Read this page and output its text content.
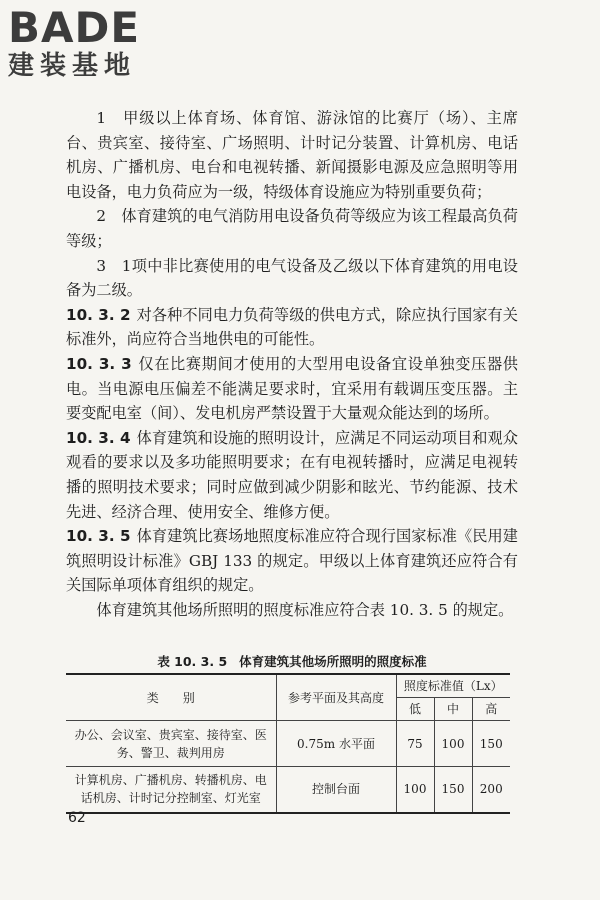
BADE
建装基地

1　甲级以上体育场、体育馆、游泳馆的比赛厅（场）、主席台、贵宾室、接待室、广场照明、计时记分装置、计算机房、电话机房、广播机房、电台和电视转播、新闻摄影电源及应急照明等用电设备，电力负荷应为一级，特级体育设施应为特别重要负荷；

2　体育建筑的电气消防用电设备负荷等级应为该工程最高负荷等级；

3　1项中非比赛使用的电气设备及乙级以下体育建筑的用电设备为二级。

10. 3. 2 对各种不同电力负荷等级的供电方式，除应执行国家有关标准外，尚应符合当地供电的可能性。

10. 3. 3 仅在比赛期间才使用的大型用电设备宜设单独变压器供电。当电源电压偏差不能满足要求时，宜采用有载调压变压器。主要变配电室（间）、发电机房严禁设置于大量观众能达到的场所。

10. 3. 4 体育建筑和设施的照明设计，应满足不同运动项目和观众观看的要求以及多功能照明要求；在有电视转播时，应满足电视转播的照明技术要求；同时应做到减少阴影和眩光、节约能源、技术先进、经济合理、使用安全、维修方便。

10. 3. 5 体育建筑比赛场地照度标准应符合现行国家标准《民用建筑照明设计标准》GBJ 133 的规定。甲级以上体育建筑还应符合有关国际单项体育组织的规定。

体育建筑其他场所照明的照度标准应符合表 10. 3. 5 的规定。

表 10. 3. 5 体育建筑其他场所照明的照度标准
类　　别	参考平面及其高度	照度标准值（Lx）		
		低	中	高
办公、会议室、贵宾室、接待室、医务、警卫、裁判用房	0.75m 水平面	75	100	150
计算机房、广播机房、转播机房、电话机房、计时记分控制室、灯光室	控制台面	100	150	200
62
